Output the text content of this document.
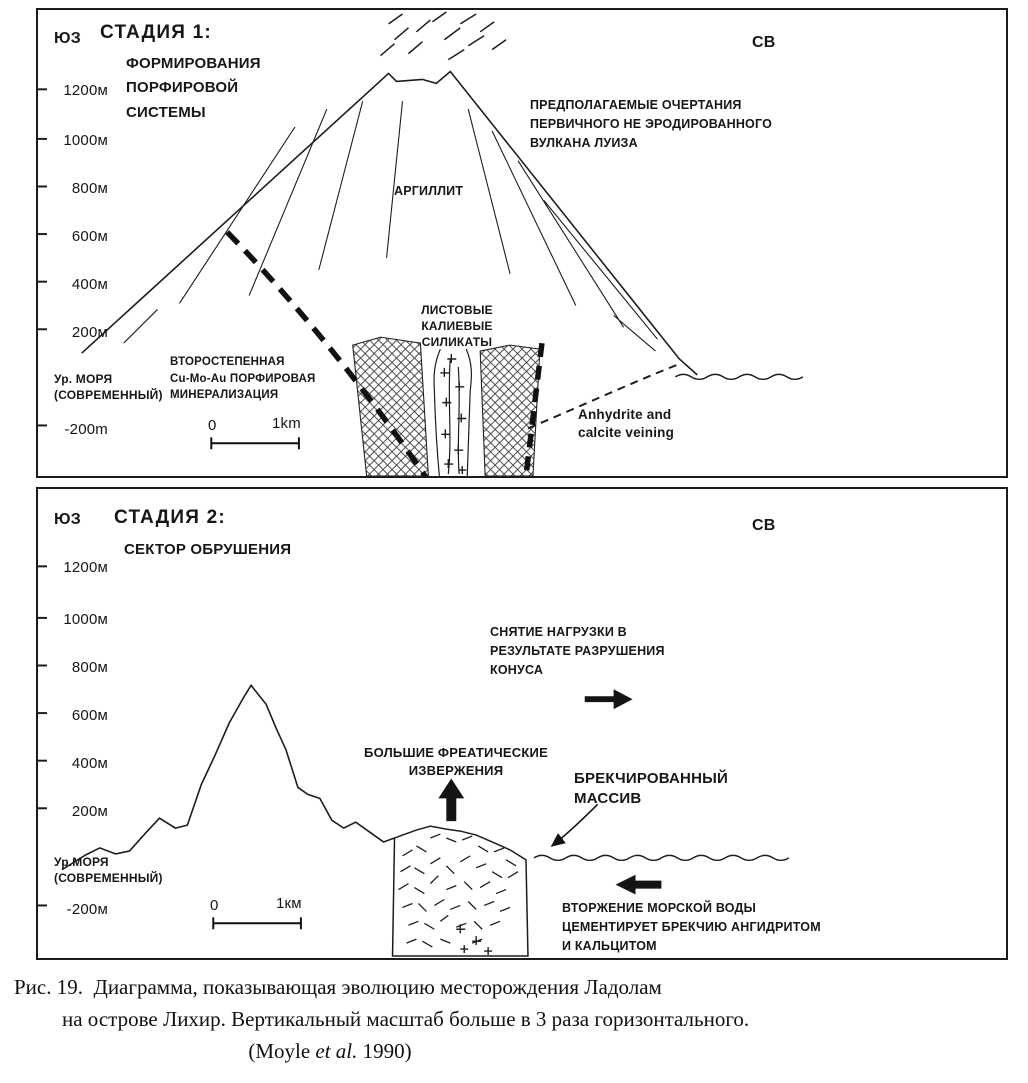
ЮЗ	СВ
СТАДИЯ 1:
ФОРМИРОВАНИЯ
ПОРФИРОВОЙ
СИСТЕМЫ
1200м
1000м
800м
600м
400м
200м
Ур. МОРЯ
(СОВРЕМЕННЫЙ)
-200m
ПРЕДПОЛАГАЕМЫЕ ОЧЕРТАНИЯ
ПЕРВИЧНОГО НЕ ЭРОДИРОВАННОГО
ВУЛКАНА ЛУИЗА
АРГИЛЛИТ
ЛИСТОВЫЕ
КАЛИЕВЫЕ
СИЛИКАТЫ
ВТОРОСТЕПЕННАЯ
Cu-Mo-Au ПОРФИРОВАЯ
МИНЕРАЛИЗАЦИЯ
Anhydrite and
calcite veining
0	1km
ЮЗ	СВ
СТАДИЯ 2:
СЕКТОР ОБРУШЕНИЯ
1200м
1000м
800м
600м
400м
200м
Ур.МОРЯ
(СОВРЕМЕННЫЙ)
-200м
СНЯТИЕ НАГРУЗКИ В
РЕЗУЛЬТАТЕ РАЗРУШЕНИЯ
КОНУСА
БОЛЬШИЕ ФРЕАТИЧЕСКИЕ
ИЗВЕРЖЕНИЯ	БРЕКЧИРОВАННЫЙ
МАССИВ
ВТОРЖЕНИЕ МОРСКОЙ ВОДЫ
ЦЕМЕНТИРУЕТ БРЕКЧИЮ АНГИДРИТОМ
И КАЛЬЦИТОМ
0	1км
Рис. 19.  Диаграмма, показывающая эволюцию месторождения Ладолам
на острове Лихир. Вертикальный масштаб больше в 3 раза горизонтального.
(Moyle et al. 1990)
